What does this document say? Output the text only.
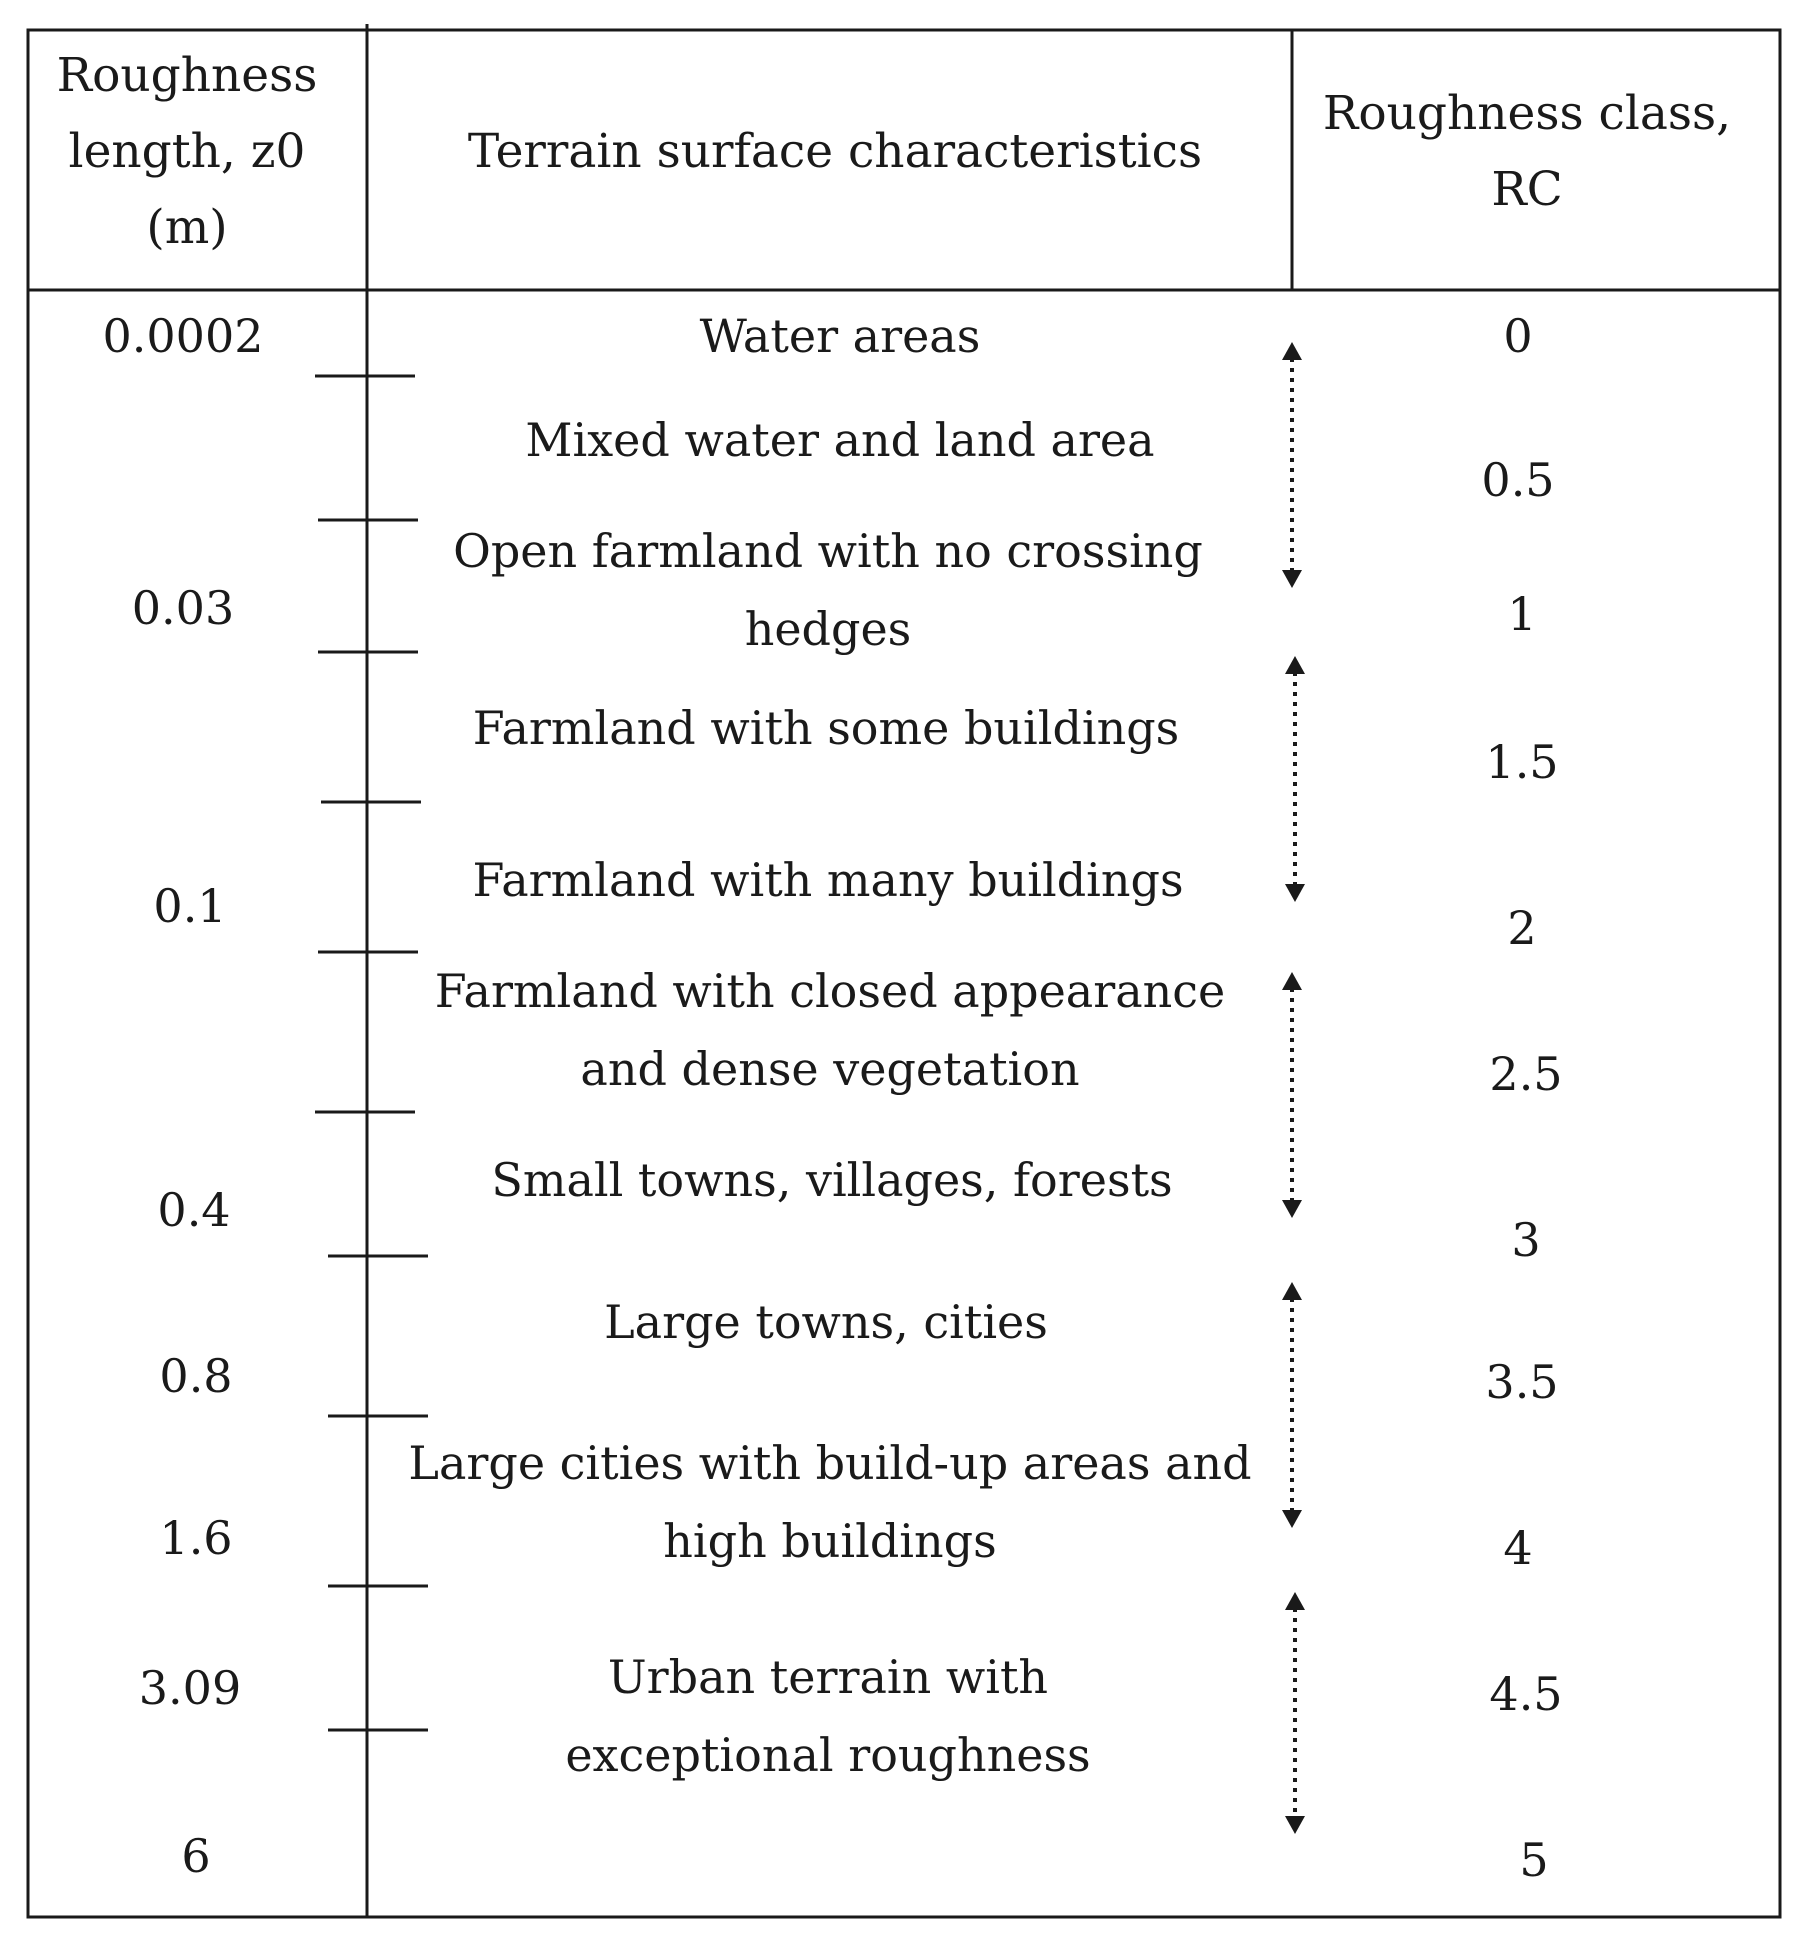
Roughness
length, z0
(m)
Terrain surface characteristics
Roughness class,
RC
0.0002
0.03
0.1
0.4
0.8
1.6
3.09
6
Water areas
Mixed water and land area
Open farmland with no crossing
hedges
Farmland with some buildings
Farmland with many buildings
Farmland with closed appearance
and dense vegetation
Small towns, villages, forests
Large towns, cities
Large cities with build-up areas and
high buildings
Urban terrain with
exceptional roughness
0
0.5
1
1.5
2
2.5
3
3.5
4
4.5
5
